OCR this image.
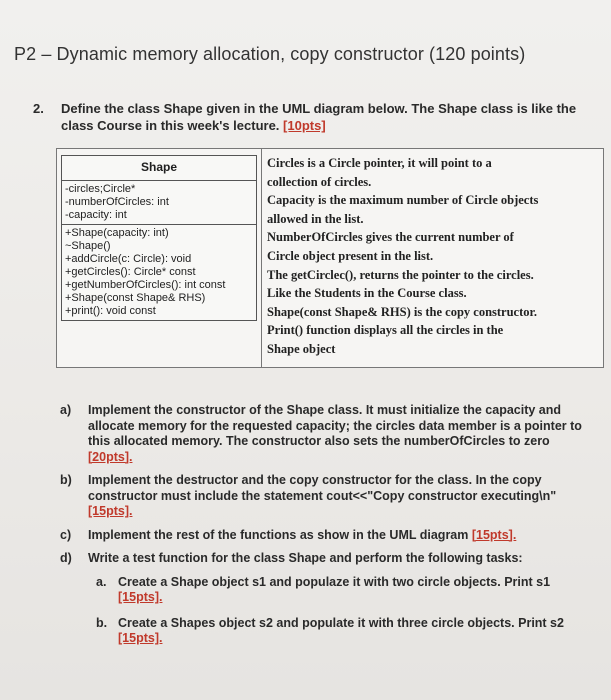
P2 – Dynamic memory allocation, copy constructor (120 points)
2. Define the class Shape given in the UML diagram below. The Shape class is like the class Course in this week's lecture. [10pts]
Shape
-circles;Circle*
-numberOfCircles: int
-capacity: int
+Shape(capacity: int)
~Shape()
+addCircle(c: Circle): void
+getCircles(): Circle* const
+getNumberOfCircles(): int const
+Shape(const Shape& RHS)
+print(): void const
Circles is a Circle pointer, it will point to a
collection of circles.
Capacity is the maximum number of Circle objects
allowed in the list.
NumberOfCircles gives the current number of
Circle object present in the list.
The getCirclec(), returns the pointer to the circles.
Like the Students in the Course class.
Shape(const Shape& RHS) is the copy constructor.
Print() function displays all the circles in the
Shape object
a) Implement the constructor of the Shape class. It must initialize the capacity and allocate memory for the requested capacity; the circles data member is a pointer to this allocated memory. The constructor also sets the numberOfCircles to zero [20pts].
b) Implement the destructor and the copy constructor for the class. In the copy constructor must include the statement cout<<"Copy constructor executing\n" [15pts].
c) Implement the rest of the functions as show in the UML diagram [15pts].
d) Write a test function for the class Shape and perform the following tasks:
a. Create a Shape object s1 and populaze it with two circle objects. Print s1 [15pts].
b. Create a Shapes object s2 and populate it with three circle objects. Print s2 [15pts].
